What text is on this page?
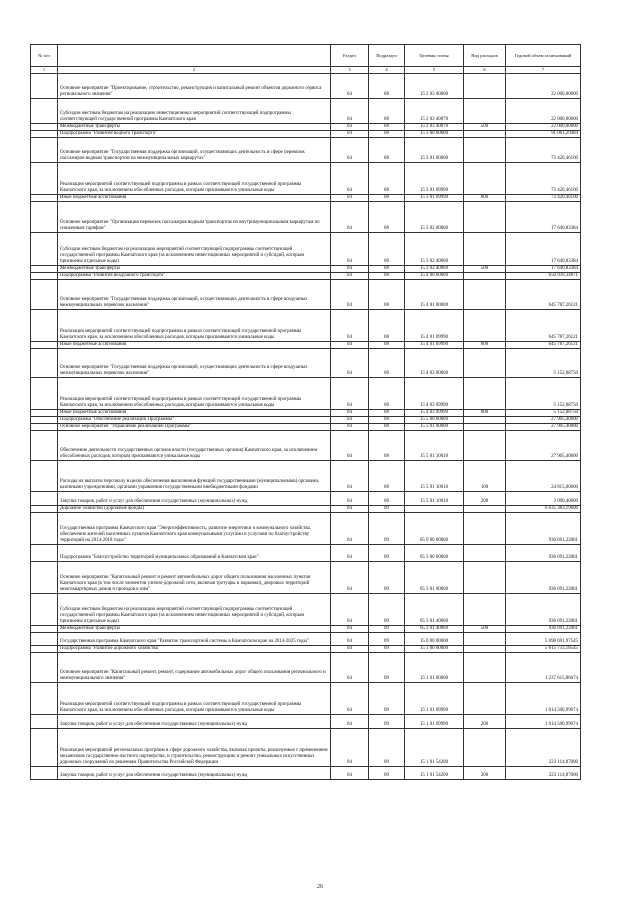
№ п/п		Раздел	Подраздел	Целевая статья	Вид расходов	Годовой объем ассигнований
1	2	3	4	5	6	7
	Основное мероприятие "Проектирование, строительство, реконструкция и капитальный ремонт объектов дорожного сервиса регионального значения"	04	08	15 2 03 00000		22 000,00000
	Субсидии местным бюджетам на реализацию инвестиционных мероприятий соответствующей подпрограммы соответствующей государственной программы Камчатского края	04	08	15 2 03 40070		22 000,00000
	Межбюджетные трансферты	04	08	15 2 03 40070	500	22 000,00000
	Подпрограмма "Развитие водного транспорта"	04	08	15 3 00 00000		91 061,29484
	Основное мероприятие "Государственная поддержка организаций, осуществляющих деятельность в сфере перевозок пассажиров водным транспортом на межмуниципальных маршрутах"	04	08	15 3 01 00000		73 420,46100
	Реализация мероприятий соответствующей подпрограммы в рамках соответствующей государственной программы Камчатского края, за исключением обособленных расходов, которым присваиваются уникальные коды	04	08	15 3 01 09990		73 420,46100
	Иные бюджетные ассигнования	04	08	15 3 01 09990	800	73 420,46100
	Основное мероприятие "Организация перевозок пассажиров водным транспортом по внутримуниципальным маршрутам по сниженным тарифам"	04	08	15 3 02 00000		17 640,83384
	Субсидии местным бюджетам на реализацию мероприятий соответствующей подпрограммы соответствующей государственной программы Камчатского края (за исключением инвестиционных мероприятий и субсидий, которым присвоены отдельные коды)	04	08	15 3 02 40060		17 640,83384
	Межбюджетные трансферты	04	08	15 3 02 40060	500	17 640,83384
	Подпрограмма "Развитие воздушного транспорта"	04	08	15 4 00 00000		650 939,34871
	Основное мероприятие "Государственная поддержка организаций, осуществляющих деятельность в сфере воздушных межмуниципальных перевозок населения"	04	08	15 4 01 00000		645 787,26121
	Реализация мероприятий соответствующей подпрограммы в рамках соответствующей государственной программы Камчатского края, за исключением обособленных расходов, которым присваиваются уникальные коды	04	08	15 4 01 09990		645 787,26121
	Иные бюджетные ассигнования	04	08	15 4 01 09990	800	645 787,26121
	Основное мероприятие "Государственная поддержка организаций, осуществляющих деятельность в сфере воздушных межмуниципальных перевозок населения"	04	08	15 4 03 00000		5 152,08750
	Реализация мероприятий соответствующей подпрограммы в рамках соответствующей государственной программы Камчатского края, за исключением обособленных расходов, которым присваиваются уникальные коды	04	08	15 4 03 09990		5 152,08750
	Иные бюджетные ассигнования	04	08	15 4 03 09990	800	5 152,08750
	Подпрограмма "Обеспечение реализации Программы"	04	08	15 5 00 00000		27 905,40000
	Основное мероприятие "Управление реализацией Программы"	04	08	15 5 01 00000		27 905,40000
	Обеспечение деятельности государственных органов власти (государственных органов) Камчатского края, за исключением обособленных расходов, которым присваиваются уникальные коды	04	08	15 5 01 10010		27 905,40000
	Расходы на выплаты персоналу в целях обеспечения выполнения функций государственными (муниципальными) органами, казенными учреждениями, органами управления государственными внебюджетными фондами	04	08	15 5 01 10010	100	24 815,00000
	Закупка товаров, работ и услуг для обеспечения государственных (муниципальных) нужд	04	08	15 5 01 10010	200	3 090,40000
	Дорожное хозяйство (дорожные фонды)	04	09			6 635 383,19606
	Государственная программа Камчатского края "Энергоэффективность, развитие энергетики и коммунального хозяйства, обеспечение жителей населенных пунктов Камчатского края коммунальными услугами и услугами по благоустройству территорий на 2014-2018 годы"	04	09	05 0 00 00000		936 691,22061
	Подпрограмма "Благоустройство территорий муниципальных образований в Камчатском крае"	04	09	05 3 00 00000		936 691,22061
	Основное мероприятие "Капитальный ремонт и ремонт автомобильных дорог общего пользования населенных пунктов Камчатского края (в том числе элементов улично-дорожной сети, включая тротуары и парковки), дворовых территорий многоквартирных домов и проездов к ним"	04	09	05 3 01 00000		936 691,22061
	Субсидии местным бюджетам на реализацию мероприятий соответствующей подпрограммы соответствующей государственной программы Камчатского края (за исключением инвестиционных мероприятий и субсидий, которым присвоены отдельные коды)	04	09	05 3 01 40060		936 691,22061
	Межбюджетные трансферты	04	09	05 3 01 40060	500	936 691,22061
	Государственная программа Камчатского края "Развитие транспортной системы в Камчатском крае на 2014-2025 годы"	04	09	15 0 00 00000		5 698 691,97545
	Подпрограмма "Развитие дорожного хозяйства"	04	09	15 1 00 00000		5 615 733,18545
	Основное мероприятие "Капитальный ремонт, ремонт, содержание автомобильных дорог общего пользования регионального и межмуниципального значения"	04	09	15 1 01 00000		1 237 615,86674
	Реализация мероприятий соответствующей подпрограммы в рамках соответствующей государственной программы Камчатского края, за исключением обособленных расходов, которым присваиваются уникальные коды	04	09	15 1 01 09990		1 014 500,99674
	Закупка товаров, работ и услуг для обеспечения государственных (муниципальных) нужд	04	09	15 1 01 09990	200	1 014 500,99674
	Реализация мероприятий региональных программ в сфере дорожного хозяйства, включая проекты, реализуемые с применением механизмов государственно-частного партнерства, и строительство, реконструкцию и ремонт уникальных искусственных дорожных сооружений по решениям Правительства Российской Федерации	04	09	15 1 01 54200		223 114,87000
	Закупка товаров, работ и услуг для обеспечения государственных (муниципальных) нужд	04	09	15 1 01 54200	200	223 114,87000
26
